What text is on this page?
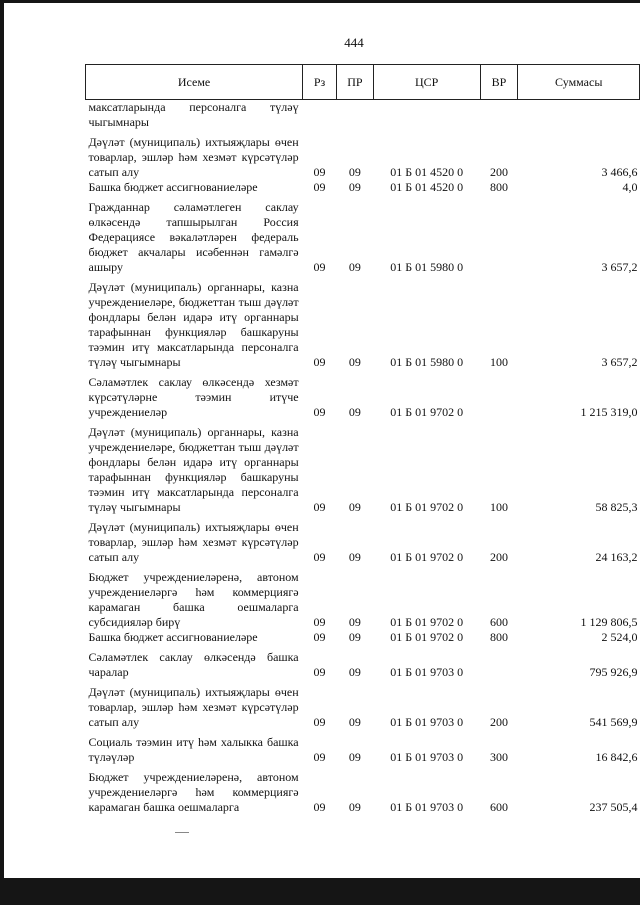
444
Исеме	Рз	ПР	ЦСР	ВР	Суммасы

максатларында персоналга түләү чыгымнары					

Дәүләт (муниципаль) ихтыяҗлары өчен товарлар, эшләр һәм хезмәт күрсәтүләр сатып алу	09	09	01 Б 01 4520 0	200	3 466,6

Башка бюджет ассигнованиеләре	09	09	01 Б 01 4520 0	800	4,0

Гражданнар сәламәтлеген саклау өлкәсендә тапшырылган Россия Федерациясе вәкаләтләрен федераль бюджет акчалары исәбеннән гамәлгә ашыру	09	09	01 Б 01 5980 0		3 657,2

Дәүләт (муниципаль) органнары, казна учреждениеләре, бюджеттан тыш дәүләт фондлары белән идарә итү органнары тарафыннан функцияләр башкаруны тәэмин итү максатларында персоналга түләү чыгымнары	09	09	01 Б 01 5980 0	100	3 657,2

Сәламәтлек саклау өлкәсендә хезмәт күрсәтүләрне тәэмин итүче учреждениеләр	09	09	01 Б 01 9702 0		1 215 319,0

Дәүләт (муниципаль) органнары, казна учреждениеләре, бюджеттан тыш дәүләт фондлары белән идарә итү органнары тарафыннан функцияләр башкаруны тәэмин итү максатларында персоналга түләү чыгымнары	09	09	01 Б 01 9702 0	100	58 825,3

Дәүләт (муниципаль) ихтыяҗлары өчен товарлар, эшләр һәм хезмәт күрсәтүләр сатып алу	09	09	01 Б 01 9702 0	200	24 163,2

Бюджет учреждениеләренә, автоном учреждениеләргә һәм коммерциягә карамаган башка оешмаларга субсидияләр бирү	09	09	01 Б 01 9702 0	600	1 129 806,5

Башка бюджет ассигнованиеләре	09	09	01 Б 01 9702 0	800	2 524,0

Сәламәтлек саклау өлкәсендә башка чаралар	09	09	01 Б 01 9703 0		795 926,9

Дәүләт (муниципаль) ихтыяҗлары өчен товарлар, эшләр һәм хезмәт күрсәтүләр сатып алу	09	09	01 Б 01 9703 0	200	541 569,9

Социаль тәэмин итү һәм халыкка башка түләүләр	09	09	01 Б 01 9703 0	300	16 842,6

Бюджет учреждениеләренә, автоном учреждениеләргә һәм коммерциягә карамаган башка оешмаларга	09	09	01 Б 01 9703 0	600	237 505,4
